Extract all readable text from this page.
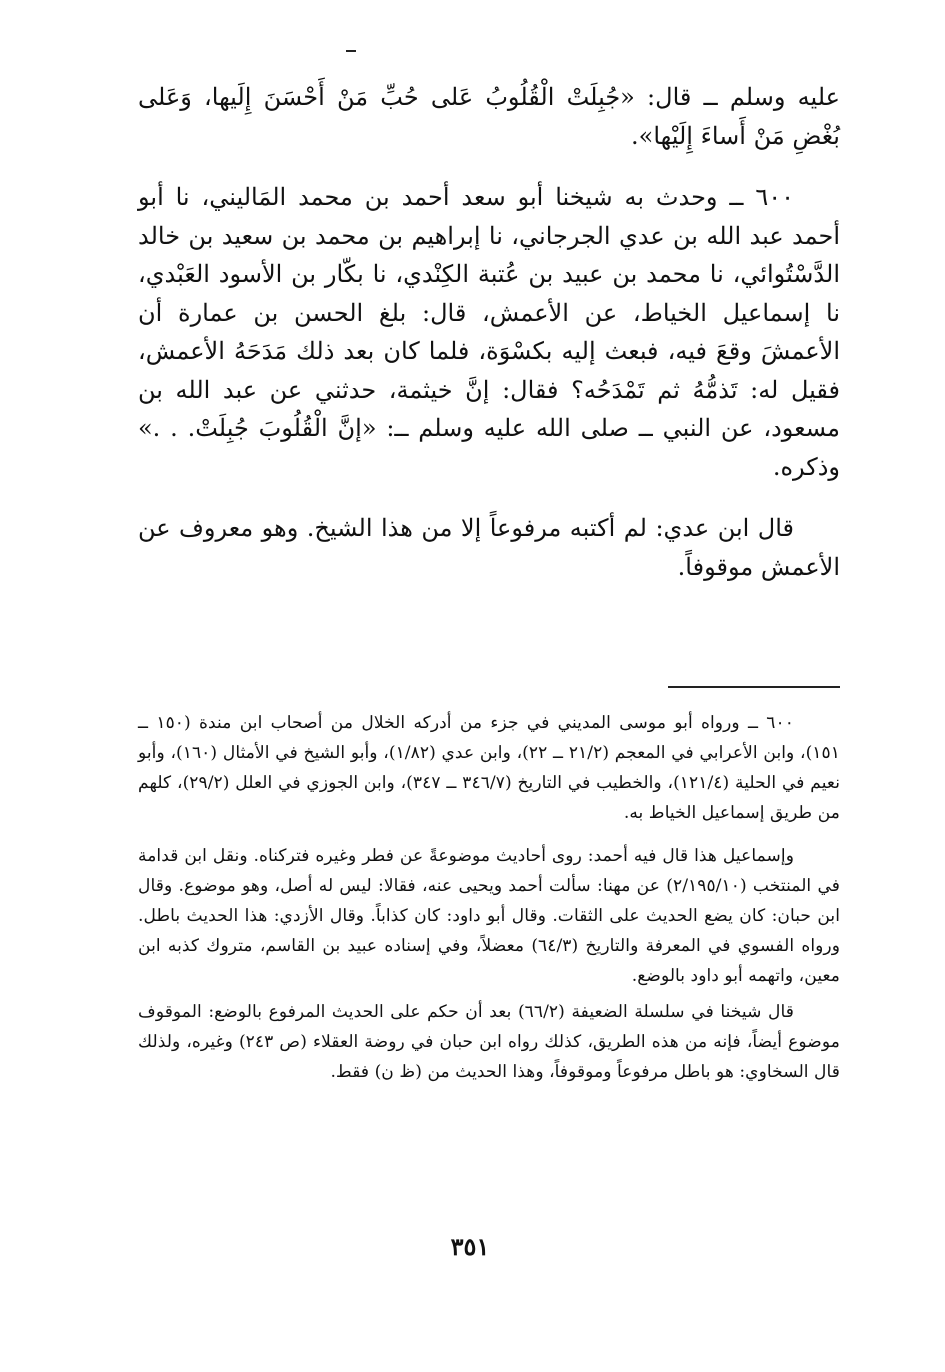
عليه وسلم ــ قال: «جُبِلَتْ الْقُلُوبُ عَلى حُبِّ مَنْ أَحْسَنَ إِلَيها، وَعَلى بُغْضِ مَنْ أَساءَ إِلَيْها».

٦٠٠ ــ وحدث به شيخنا أبو سعد أحمد بن محمد المَاليني، نا أبو أحمد عبد الله بن عدي الجرجاني، نا إبراهيم بن محمد بن سعيد بن خالد الدَّسْتُوائي، نا محمد بن عبيد بن عُتبة الكِنْدي، نا بكّار بن الأسود العَبْدي، نا إسماعيل الخياط، عن الأعمش، قال: بلغ الحسن بن عمارة أن الأعمشَ وقعَ فيه، فبعث إليه بكسْوَة، فلما كان بعد ذلك مَدَحَهُ الأعمش، فقيل له: تَذمُّهُ ثم تَمْدَحُه؟ فقال: إنَّ خيثمة، حدثني عن عبد الله بن مسعود، عن النبي ــ صلى الله عليه وسلم ــ: «إنَّ الْقُلُوبَ جُبِلَتْ. . .» وذكره.

قال ابن عدي: لم أكتبه مرفوعاً إلا من هذا الشيخ. وهو معروف عن الأعمش موقوفاً.

٦٠٠ ــ ورواه أبو موسى المديني في جزء من أدركه الخلال من أصحاب ابن مندة (١٥٠ ــ ١٥١)، وابن الأعرابي في المعجم (٢١/٢ ــ ٢٢)، وابن عدي (١/٨٢)، وأبو الشيخ في الأمثال (١٦٠)، وأبو نعيم في الحلية (١٢١/٤)، والخطيب في التاريخ (٣٤٦/٧ ــ ٣٤٧)، وابن الجوزي في العلل (٢٩/٢)، كلهم من طريق إسماعيل الخياط به.

وإسماعيل هذا قال فيه أحمد: روى أحاديث موضوعةً عن فطر وغيره فتركناه. ونقل ابن قدامة في المنتخب (٢/١٩٥/١٠) عن مهنا: سألت أحمد ويحيى عنه، فقالا: ليس له أصل، وهو موضوع. وقال ابن حبان: كان يضع الحديث على الثقات. وقال أبو داود: كان كذاباً. وقال الأزدي: هذا الحديث باطل. ورواه الفسوي في المعرفة والتاريخ (٦٤/٣) معضلاً، وفي إسناده عبيد بن القاسم، متروك كذبه ابن معين، واتهمه أبو داود بالوضع.

قال شيخنا في سلسلة الضعيفة (٦٦/٢) بعد أن حكم على الحديث المرفوع بالوضع: الموقوف موضوع أيضاً، فإنه من هذه الطريق، كذلك رواه ابن حبان في روضة العقلاء (ص ٢٤٣) وغيره، ولذلك قال السخاوي: هو باطل مرفوعاً وموقوفاً، وهذا الحديث من (ظ ن) فقط.

٣٥١
